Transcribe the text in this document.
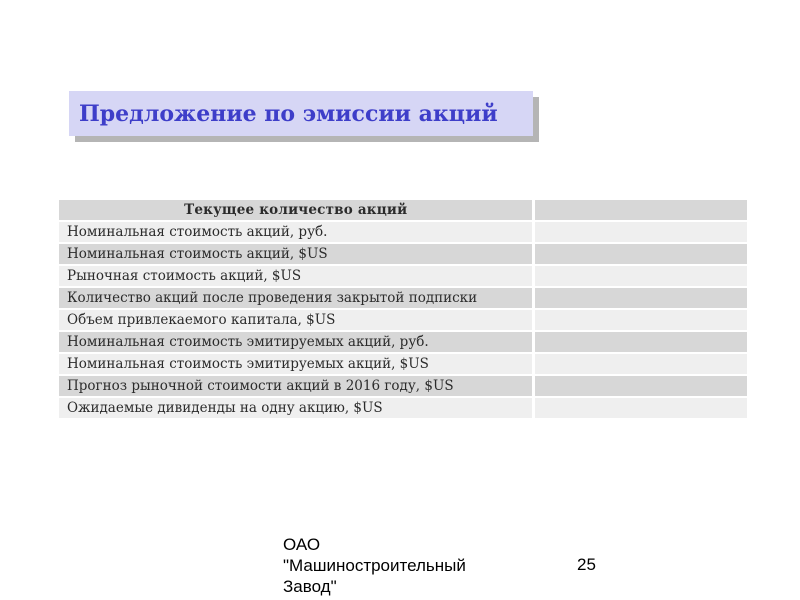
Предложение по эмиссии акций
Текущее количество акций	
Номинальная стоимость акций, руб.	
Номинальная стоимость акций, $US	
Рыночная стоимость акций, $US	
Количество акций после проведения закрытой подписки	
Объем привлекаемого капитала, $US	
Номинальная стоимость эмитируемых акций, руб.	
Номинальная стоимость эмитируемых акций, $US	
Прогноз рыночной стоимости акций в 2016 году, $US	
Ожидаемые дивиденды на одну акцию, $US	
ОАО
"Машиностроительный
Завод"
25
